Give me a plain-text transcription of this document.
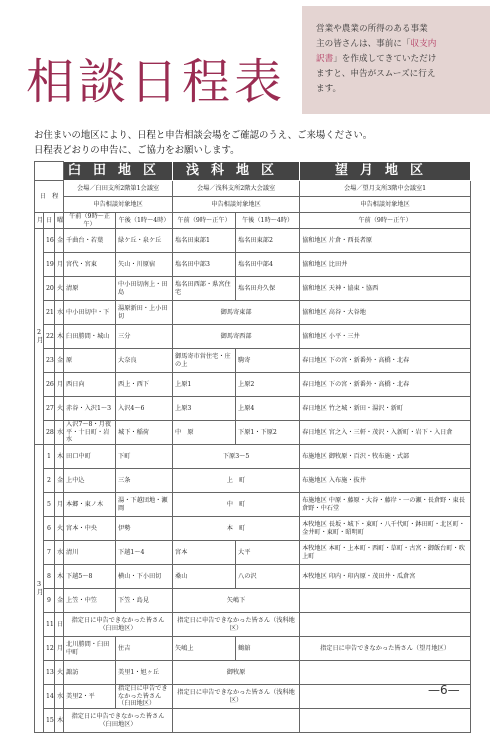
相談日程表
営業や農業の所得のある事業
主の皆さんは、事前に「収支内
訳書」を作成してきていただけ
ますと、申告がスムーズに行え
ます。
お住まいの地区により、日程と申告相談会場をご確認のうえ、ご来場ください。
日程表どおりの申告に、ご協力をお願いします。
			臼田地区		浅科地区		望月地区
日　程			会場／臼田支所2階第1会議室		会場／浅科支所2階大会議室		会場／望月支所3階中会議室1
			申告相談対象地区		申告相談対象地区		申告相談対象地区
月	日	曜	午前（9時〜正午）	午後（1時〜4時）	午前（9時〜正午）	午後（1時〜4時）	午前（9時〜正午）
2月	16	金	千曲台・若葉	緑ケ丘・泉ケ丘	塩名田東部1	塩名田東部2	協和地区 片倉・西長者原
	19	月	宮代・宮東	矢山・川原宿	塩名田中部3	塩名田中部4	協和地区 比田井
	20	火	清原	中小田切南上・田島	塩名田西部・県宮住宅	塩名田舟久保	協和地区 天神・協東・協西
	21	水	中小田切中・下	湯原新田・上小田切	御馬寄東部		協和地区 高谷・大谷地
	22	木	臼田勝間・城山	三分	御馬寄西部		協和地区 小平・三井
	23	金	原	大奈良	御馬寄市営住宅・庄の上	駒寄	春日地区 下の宮・新番外・高橋・北春
	26	月	西日向	西上・西下	上原1	上原2	春日地区 下の宮・新番外・高橋・北春
	27	火	赤谷・入沢1〜3	入沢4〜6	上原3	上原4	春日地区 竹之城・新田・湯沢・新町
	28	水	入沢7〜8・月夜平・十日町・岩水	城下・稲荷	中　原	下原1・下原2	春日地区 宮之入・三軒・茂沢・入新町・岩下・入日倉
3月	1	木	田口中町	下町	下原3〜5		布施地区 御牧原・百沢・牧布施・式部
	2	金	上中込	三条	上　町		布施地区 入布施・抜井
	5	月	本郷・東ノ木	湯・下越団地・瀬岡	中　町		布施地区 中原・藤原・大谷・藤岸・一の瀬・長倉野・東長倉野・中石堂
	6	火	宮本・中央	伊勢	本　町		本牧地区 長坂・城下・東町・八千代町・鉢田町・北区町・金井町・東町・昭明町
	7	水	清川	下越1〜4	宮本	大平	本牧地区 本町・上本町・西町・草町・古宮・御飯台町・吹上町
	8	木	下越5〜8	横山・下小田切	桑山	八の沢	本牧地区 印内・印内原・茂田井・瓜倉宮
	9	金	上笠・中笠	下笠・島見	矢嶋下		
	11	日	指定日に申告できなかった皆さん（臼田地区）		指定日に申告できなかった皆さん（浅科地区）		
	12	月	北川勝間・臼田中町	住吉	矢嶋上	鶴舘	指定日に申告できなかった皆さん（望月地区）
	13	火	諏訪	美里1・旭ヶ丘	御牧原		
	14	水	美里2・平	指定日に申告できなかった皆さん（臼田地区）	指定日に申告できなかった皆さん（浅科地区）		
	15	木	指定日に申告できなかった皆さん（臼田地区）				
—6—
